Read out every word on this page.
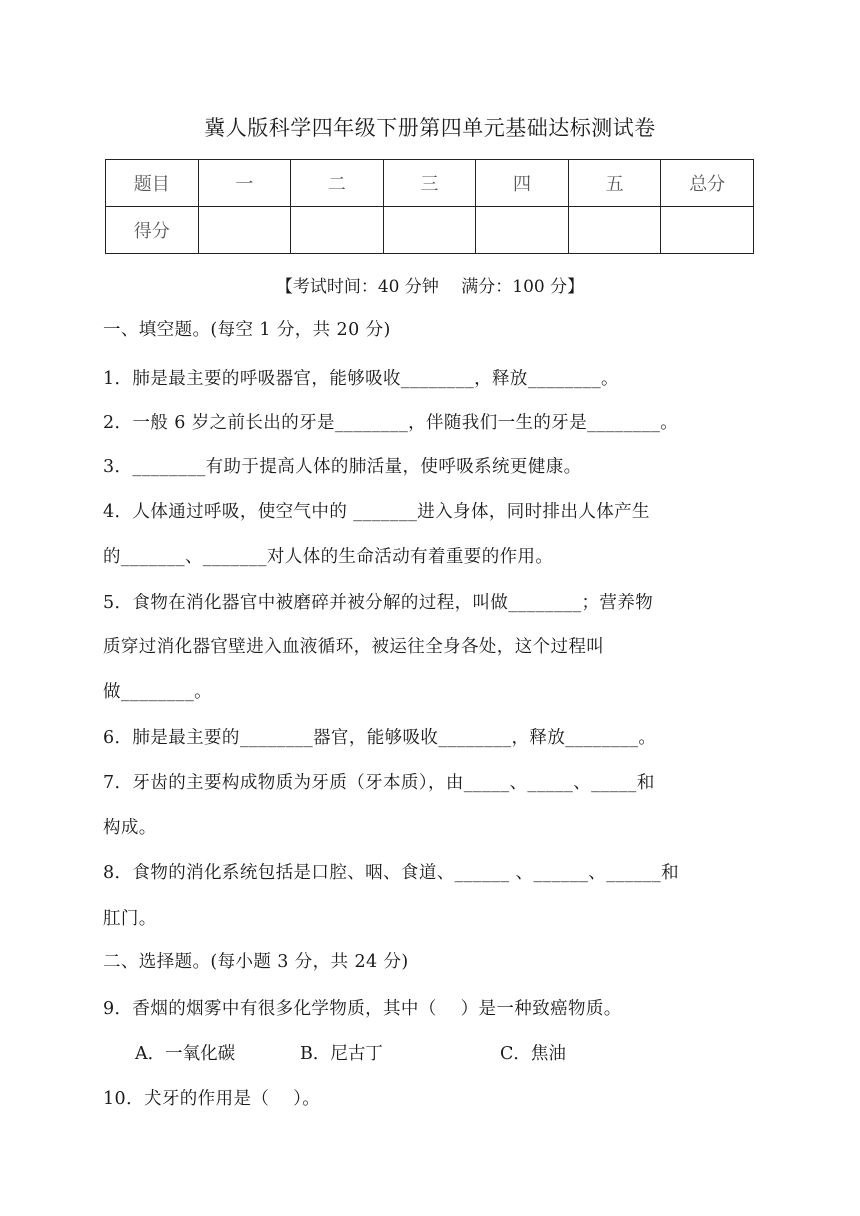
冀人版科学四年级下册第四单元基础达标测试卷
题目	一	二	三	四	五	总分
得分						
【考试时间：40 分钟　 满分：100 分】
一、填空题。(每空 1 分，共 20 分)
1．肺是最主要的呼吸器官，能够吸收________，释放________。
2．一般 6 岁之前长出的牙是________，伴随我们一生的牙是________。
3．________有助于提高人体的肺活量，使呼吸系统更健康。
4．人体通过呼吸，使空气中的 _______进入身体，同时排出人体产生
的_______、_______对人体的生命活动有着重要的作用。
5．食物在消化器官中被磨碎并被分解的过程，叫做________；营养物
质穿过消化器官壁进入血液循环，被运往全身各处，这个过程叫
做________。
6．肺是最主要的________器官，能够吸收________，释放________。
7．牙齿的主要构成物质为牙质（牙本质），由_____、_____、_____和
构成。
8．食物的消化系统包括是口腔、咽、食道、______ 、______、______和
肛门。
二、选择题。(每小题 3 分，共 24 分)
9．香烟的烟雾中有很多化学物质，其中（　 ）是一种致癌物质。
A．一氧化碳	B．尼古丁	C．焦油
10．犬牙的作用是（　 ）。
